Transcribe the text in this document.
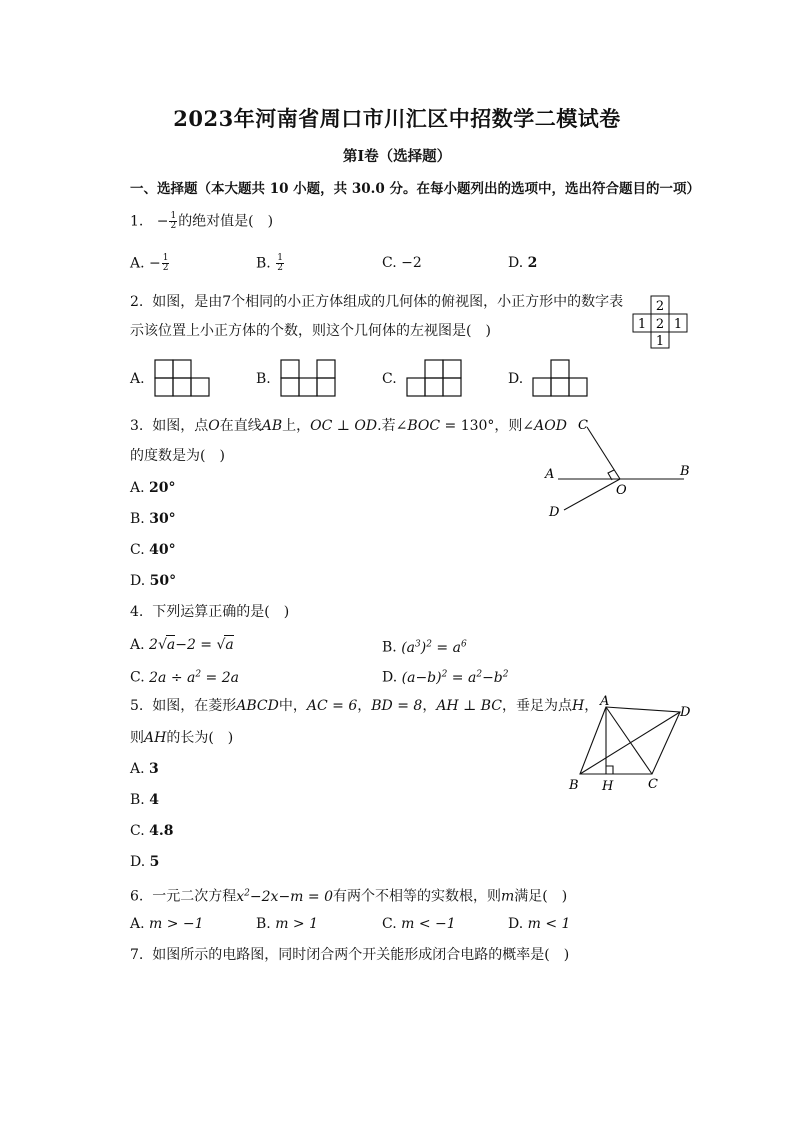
2023年河南省周口市川汇区中招数学二模试卷
第Ⅰ卷（选择题）
一、选择题（本大题共 10 小题，共 30.0 分。在每小题列出的选项中，选出符合题目的一项）
1. − $\frac{1}{2}$ 的绝对值是(　)
A. − $\frac{1}{2}$	B. $\frac{1}{2}$	C. −2	D. 2
2. 如图，是由7个相同的小正方体组成的几何体的俯视图，小正方形中的数字表
示该位置上小正方体的个数，则这个几何体的左视图是(　)
2
1 2 1
1
A.	B.	C.	D.
3. 如图，点O在直线AB上，OC ⊥ OD.若∠BOC = 130°，则∠AOD
的度数是为(　)
A. 20°
B. 30°
C. 40°
D. 50°
C
A	B
O
D
4. 下列运算正确的是(　)
A. 2√a−2 = √a	B. $(a^3)^2 = a^6$
C. $2a \div a^2 = 2a$	D. $(a-b)^2 = a^2-b^2$
5. 如图，在菱形ABCD中，AC = 6，BD = 8，AH ⊥ BC，垂足为点H，
则AH的长为(　)
A. 3
B. 4
C. 4.8
D. 5
A
D
B H	C
6. 一元二次方程$x^2-2x-m = 0$有两个不相等的实数根，则m满足(　)
A. m > −1	B. m > 1	C. m < −1	D. m < 1
7. 如图所示的电路图，同时闭合两个开关能形成闭合电路的概率是(　)
